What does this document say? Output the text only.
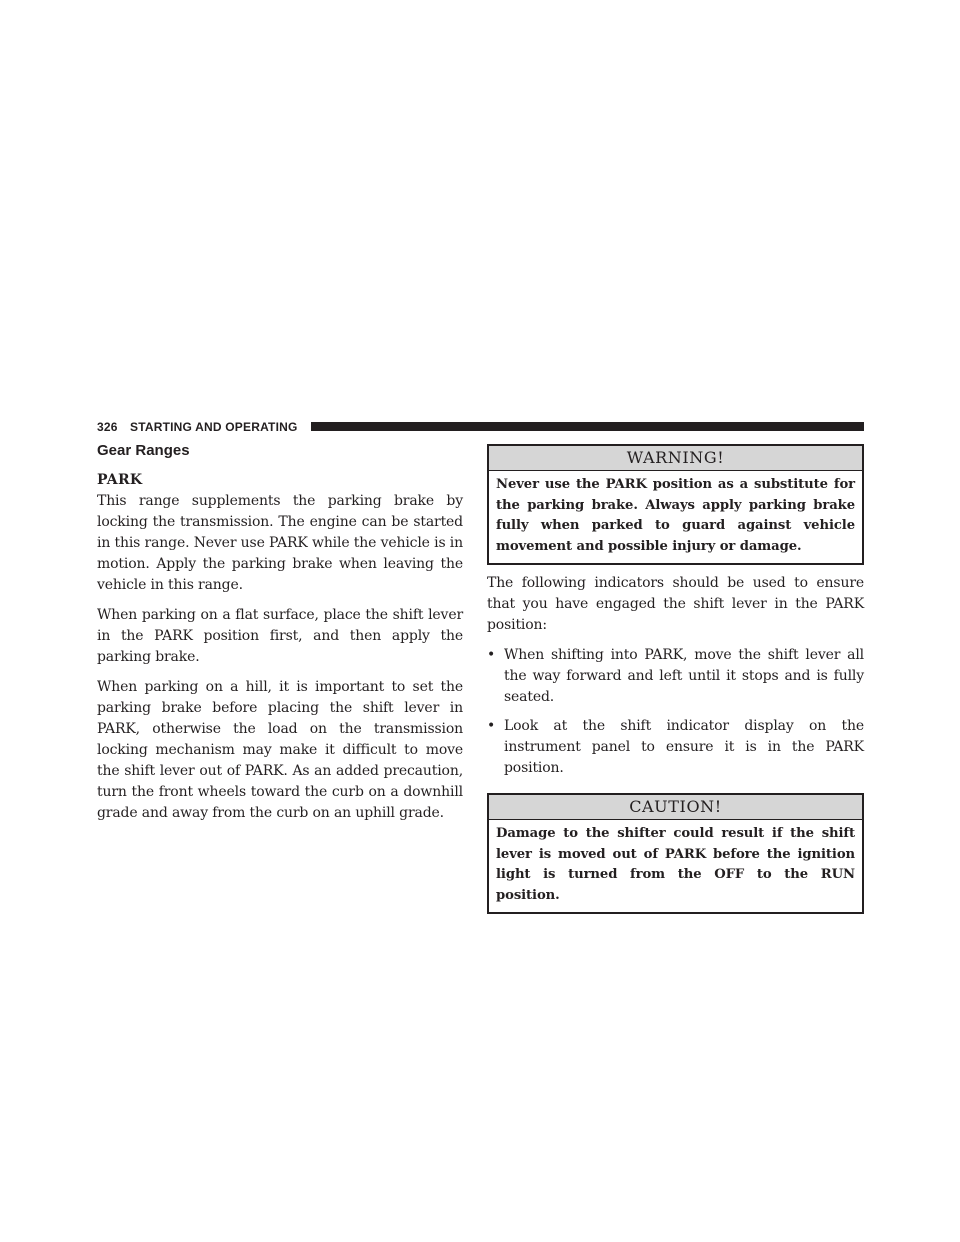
326 STARTING AND OPERATING
Gear Ranges
PARK

This range supplements the parking brake by locking the transmission. The engine can be started in this range. Never use PARK while the vehicle is in motion. Apply the parking brake when leaving the vehicle in this range.

When parking on a flat surface, place the shift lever in the PARK position first, and then apply the parking brake.

When parking on a hill, it is important to set the parking brake before placing the shift lever in PARK, otherwise the load on the transmission locking mechanism may make it difficult to move the shift lever out of PARK. As an added precaution, turn the front wheels toward the curb on a downhill grade and away from the curb on an uphill grade.

WARNING!
Never use the PARK position as a substitute for the parking brake. Always apply parking brake fully when parked to guard against vehicle movement and possible injury or damage.

The following indicators should be used to ensure that you have engaged the shift lever in the PARK position:

• When shifting into PARK, move the shift lever all the way forward and left until it stops and is fully seated.
• Look at the shift indicator display on the instrument panel to ensure it is in the PARK position.
CAUTION!
Damage to the shifter could result if the shift lever is moved out of PARK before the ignition light is turned from the OFF to the RUN position.
